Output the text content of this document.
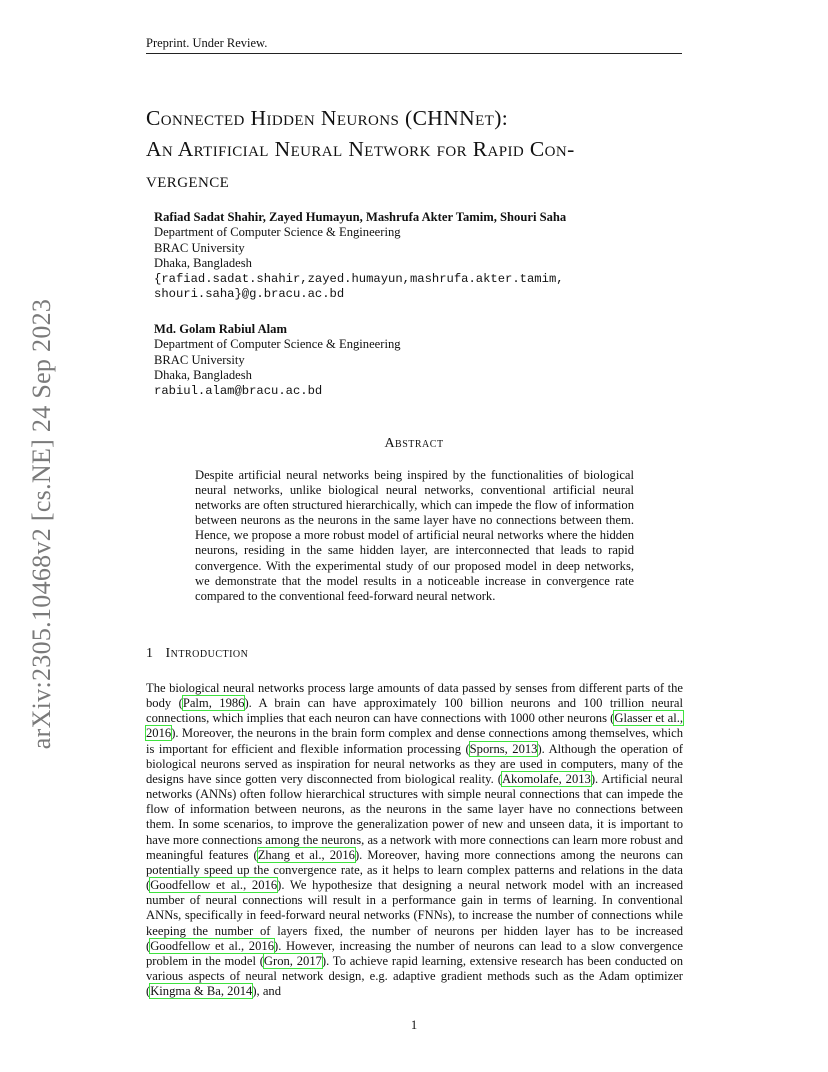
Preprint. Under Review.
arXiv:2305.10468v2 [cs.NE] 24 Sep 2023
Connected Hidden Neurons (CHNNet):
An Artificial Neural Network for Rapid Con-
vergence
Rafiad Sadat Shahir, Zayed Humayun, Mashrufa Akter Tamim, Shouri Saha
Department of Computer Science & Engineering
BRAC University
Dhaka, Bangladesh
{rafiad.sadat.shahir,zayed.humayun,mashrufa.akter.tamim,
shouri.saha}@g.bracu.ac.bd
Md. Golam Rabiul Alam
Department of Computer Science & Engineering
BRAC University
Dhaka, Bangladesh
rabiul.alam@bracu.ac.bd
Abstract
Despite artificial neural networks being inspired by the functionalities of biological neural networks, unlike biological neural networks, conventional artificial neural networks are often structured hierarchically, which can impede the flow of information between neurons as the neurons in the same layer have no connections between them. Hence, we propose a more robust model of artificial neural networks where the hidden neurons, residing in the same hidden layer, are interconnected that leads to rapid convergence. With the experimental study of our proposed model in deep networks, we demonstrate that the model results in a noticeable increase in convergence rate compared to the conventional feed-forward neural network.
1 Introduction
The biological neural networks process large amounts of data passed by senses from different parts of the body (Palm, 1986). A brain can have approximately 100 billion neurons and 100 trillion neural connections, which implies that each neuron can have connections with 1000 other neurons (Glasser et al., 2016). Moreover, the neurons in the brain form complex and dense connections among themselves, which is important for efficient and flexible information processing (Sporns, 2013). Although the operation of biological neurons served as inspiration for neural networks as they are used in computers, many of the designs have since gotten very disconnected from biological reality. (Akomolafe, 2013). Artificial neural networks (ANNs) often follow hierarchical structures with simple neural connections that can impede the flow of information between neurons, as the neurons in the same layer have no connections between them. In some scenarios, to improve the generalization power of new and unseen data, it is important to have more connections among the neurons, as a network with more connections can learn more robust and meaningful features (Zhang et al., 2016). Moreover, having more connections among the neurons can potentially speed up the convergence rate, as it helps to learn complex patterns and relations in the data (Goodfellow et al., 2016). We hypothesize that designing a neural network model with an increased number of neural connections will result in a performance gain in terms of learning. In conventional ANNs, specifically in feed-forward neural networks (FNNs), to increase the number of connections while keeping the number of layers fixed, the number of neurons per hidden layer has to be increased (Goodfellow et al., 2016). However, increasing the number of neurons can lead to a slow convergence problem in the model (Gron, 2017). To achieve rapid learning, extensive research has been conducted on various aspects of neural network design, e.g. adaptive gradient methods such as the Adam optimizer (Kingma & Ba, 2014), and
1
